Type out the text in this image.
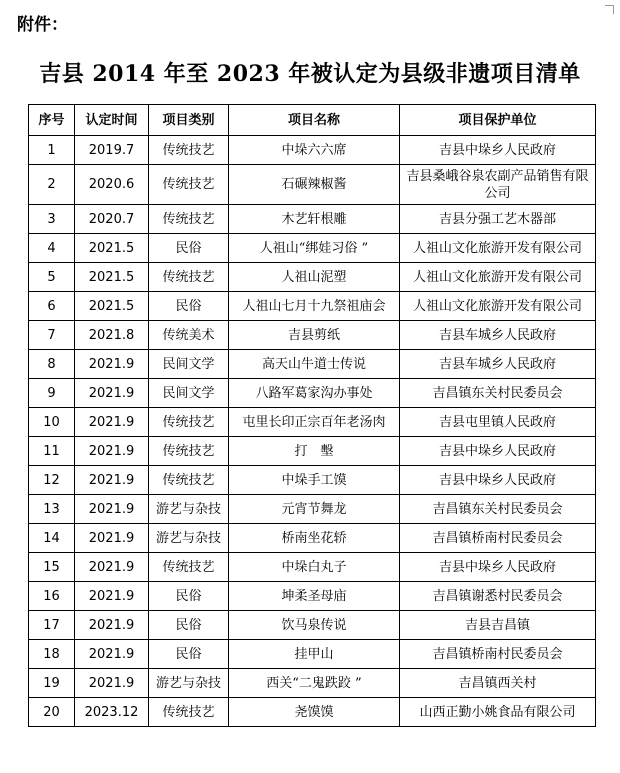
附件：
吉县 2014 年至 2023 年被认定为县级非遗项目清单
序号	认定时间	项目类别	项目名称	项目保护单位
1	2019.7	传统技艺	中垛六六席	吉县中垛乡人民政府
2	2020.6	传统技艺	石碾辣椒酱	吉县桑峨谷泉农副产品销售有限公司
3	2020.7	传统技艺	木艺轩根雕	吉县分强工艺木器部
4	2021.5	民俗	人祖山“绑娃习俗 ”	人祖山文化旅游开发有限公司
5	2021.5	传统技艺	人祖山泥塑	人祖山文化旅游开发有限公司
6	2021.5	民俗	人祖山七月十九祭祖庙会	人祖山文化旅游开发有限公司
7	2021.8	传统美术	吉县剪纸	吉县车城乡人民政府
8	2021.9	民间文学	高天山牛道士传说	吉县车城乡人民政府
9	2021.9	民间文学	八路军葛家沟办事处	吉昌镇东关村民委员会
10	2021.9	传统技艺	屯里长印正宗百年老汤肉	吉县屯里镇人民政府
11	2021.9	传统技艺	打　墼	吉县中垛乡人民政府
12	2021.9	传统技艺	中垛手工馍	吉县中垛乡人民政府
13	2021.9	游艺与杂技	元宵节舞龙	吉昌镇东关村民委员会
14	2021.9	游艺与杂技	桥南坐花轿	吉昌镇桥南村民委员会
15	2021.9	传统技艺	中垛白丸子	吉县中垛乡人民政府
16	2021.9	民俗	坤柔圣母庙	吉昌镇谢悉村民委员会
17	2021.9	民俗	饮马泉传说	吉县吉昌镇
18	2021.9	民俗	挂甲山	吉昌镇桥南村民委员会
19	2021.9	游艺与杂技	西关“二鬼跌跤 ”	吉昌镇西关村
20	2023.12	传统技艺	尧馍馍	山西正勤小姚食品有限公司
